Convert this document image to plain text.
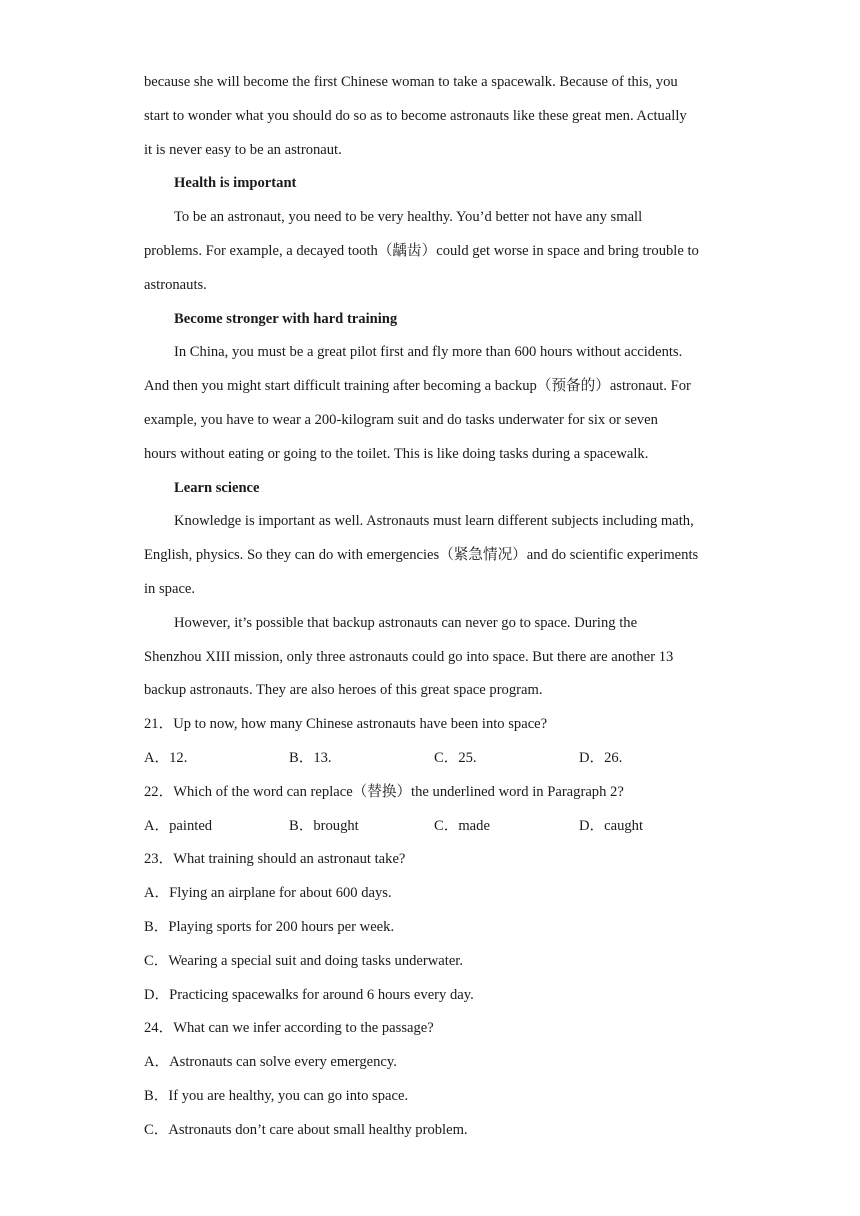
because she will become the first Chinese woman to take a spacewalk. Because of this, you
start to wonder what you should do so as to become astronauts like these great men. Actually
it is never easy to be an astronaut.
Health is important
To be an astronaut, you need to be very healthy. You’d better not have any small
problems. For example, a decayed tooth（龋齿）could get worse in space and bring trouble to
astronauts.
Become stronger with hard training
In China, you must be a great pilot first and fly more than 600 hours without accidents.
And then you might start difficult training after becoming a backup（预备的）astronaut. For
example, you have to wear a 200-kilogram suit and do tasks underwater for six or seven
hours without eating or going to the toilet. This is like doing tasks during a spacewalk.
Learn science
Knowledge is important as well. Astronauts must learn different subjects including math,
English, physics. So they can do with emergencies（紧急情况）and do scientific experiments
in space.
However, it’s possible that backup astronauts can never go to space. During the
Shenzhou XIII mission, only three astronauts could go into space. But there are another 13
backup astronauts. They are also heroes of this great space program.
21．Up to now, how many Chinese astronauts have been into space?
A．12.	B．13.	C．25.	D．26.
22．Which of the word can replace（替换）the underlined word in Paragraph 2?
A．painted	B．brought	C．made	D．caught
23．What training should an astronaut take?
A．Flying an airplane for about 600 days.
B．Playing sports for 200 hours per week.
C．Wearing a special suit and doing tasks underwater.
D．Practicing spacewalks for around 6 hours every day.
24．What can we infer according to the passage?
A．Astronauts can solve every emergency.
B．If you are healthy, you can go into space.
C．Astronauts don’t care about small healthy problem.
